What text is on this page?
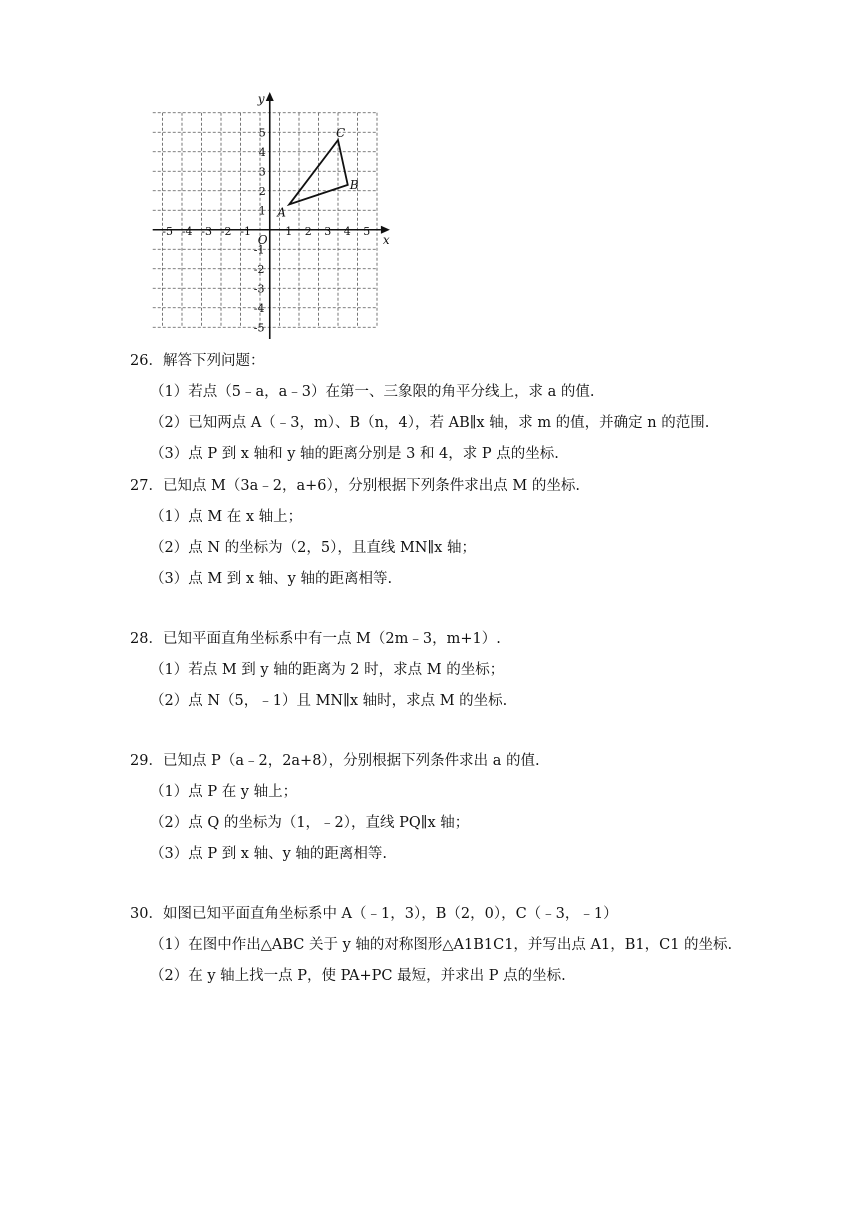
-5 -4 -3 -2 -1	1 2 3 4 5
5
4
3
2
1
-1
-2
-3
-4
-5
O	x
y
A
B
C
26．解答下列问题：
（1）若点（5﹣a，a﹣3）在第一、三象限的角平分线上，求 a 的值.
（2）已知两点 A（﹣3，m）、B（n，4），若 AB∥x 轴，求 m 的值，并确定 n 的范围.
（3）点 P 到 x 轴和 y 轴的距离分别是 3 和 4，求 P 点的坐标.
27．已知点 M（3a﹣2，a+6），分别根据下列条件求出点 M 的坐标.
（1）点 M 在 x 轴上；
（2）点 N 的坐标为（2，5），且直线 MN∥x 轴；
（3）点 M 到 x 轴、y 轴的距离相等.
28．已知平面直角坐标系中有一点 M（2m﹣3，m+1）.
（1）若点 M 到 y 轴的距离为 2 时，求点 M 的坐标；
（2）点 N（5，﹣1）且 MN∥x 轴时，求点 M 的坐标.
29．已知点 P（a﹣2，2a+8），分别根据下列条件求出 a 的值.
（1）点 P 在 y 轴上；
（2）点 Q 的坐标为（1，﹣2），直线 PQ∥x 轴；
（3）点 P 到 x 轴、y 轴的距离相等.
30．如图已知平面直角坐标系中 A（﹣1，3），B（2，0），C（﹣3，﹣1）
（1）在图中作出△ABC 关于 y 轴的对称图形△A1B1C1，并写出点 A1，B1，C1 的坐标.
（2）在 y 轴上找一点 P，使 PA+PC 最短，并求出 P 点的坐标.
